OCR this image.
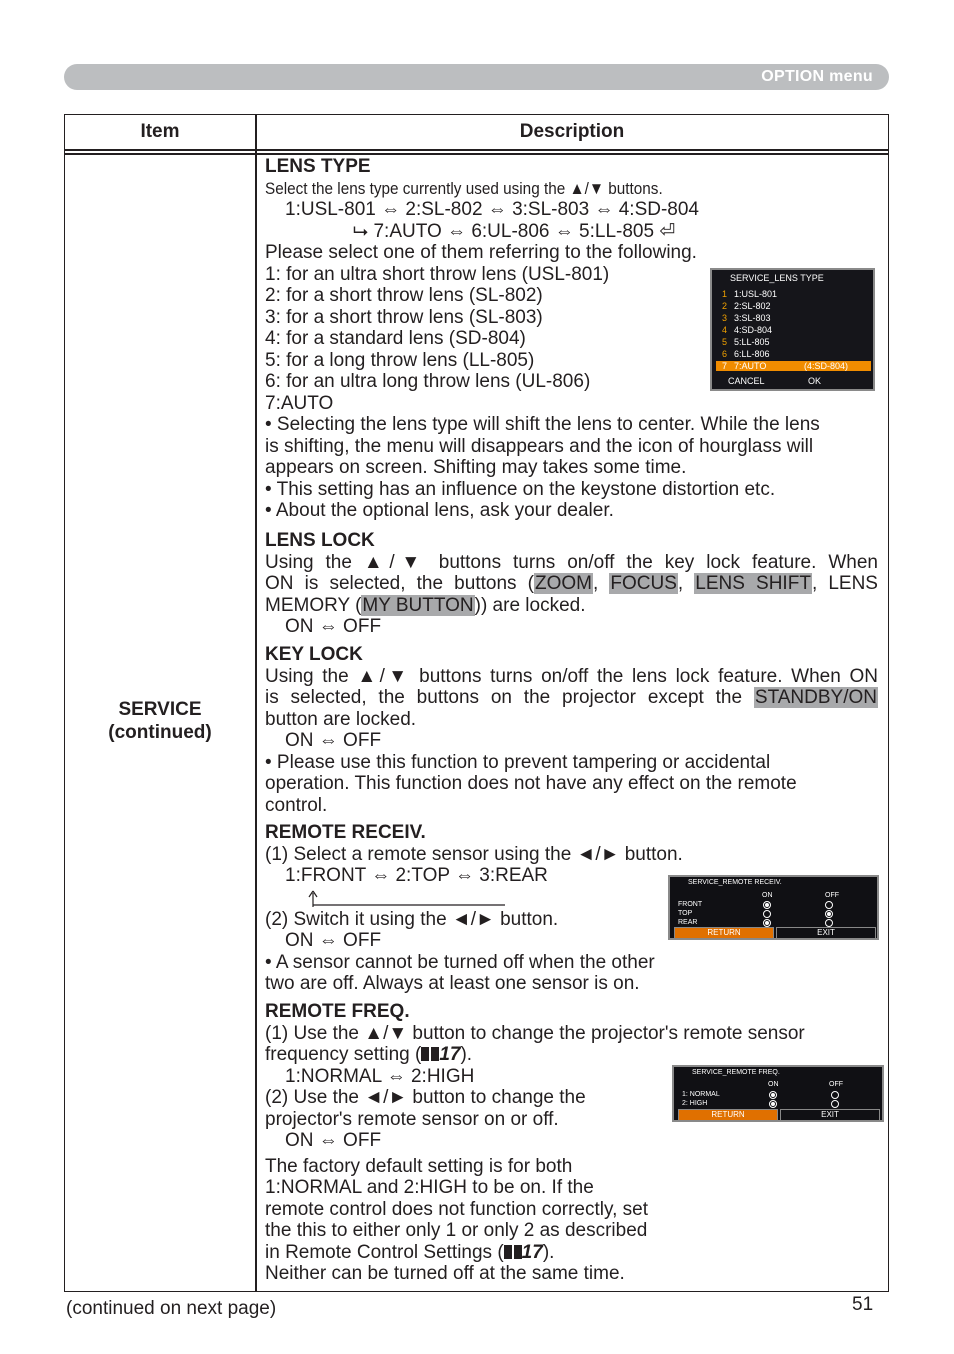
OPTION menu
Item	Description
SERVICE
(continued)

LENS TYPE

Select the lens type currently used using the ▲/▼ buttons.

1:USL-801 ⇔ 2:SL-802 ⇔ 3:SL-803 ⇔ 4:SD-804

⮡ 7:AUTO ⇔ 6:UL-806 ⇔ 5:LL-805 ⏎

Please select one of them referring to the following.

1: for an ultra short throw lens (USL-801)

2: for a short throw lens (SL-802)

3: for a short throw lens (SL-803)

4: for a standard lens (SD-804)

5: for a long throw lens (LL-805)

6: for an ultra long throw lens (UL-806)

7:AUTO

• Selecting the lens type will shift the lens to center. While the lens

is shifting, the menu will disappears and the icon of hourglass will

appears on screen. Shifting may takes some time.

• This setting has an influence on the keystone distortion etc.

• About the optional lens, ask your dealer.

SERVICE_LENS TYPE
1 1:USL-801
2 2:SL-802
3 3:SL-803
4 4:SD-804
5 5:LL-805
6 6:LL-806
7 7:AUTO	(4:SD-804)
CANCEL	OK

LENS LOCK

Using the ▲/▼ buttons turns on/off the key lock feature. When

ON is selected, the buttons (ZOOM, FOCUS, LENS SHIFT, LENS

MEMORY (MY BUTTON)) are locked.

ON ⇔ OFF

KEY LOCK

Using the ▲/▼ buttons turns on/off the lens lock feature. When ON

is selected, the buttons on the projector except the STANDBY/ON

button are locked.

ON ⇔ OFF

• Please use this function to prevent tampering or accidental

operation. This function does not have any effect on the remote

control.

REMOTE RECEIV.

(1) Select a remote sensor using the ◄/► button.

1:FRONT ⇔ 2:TOP ⇔ 3:REAR

(2) Switch it using the ◄/► button.

ON ⇔ OFF

• A sensor cannot be turned off when the other

two are off. Always at least one sensor is on.

SERVICE_REMOTE RECEIV.
ON	OFF
FRONT
TOP
REAR
RETURN	EXIT

REMOTE FREQ.

(1) Use the ▲/▼ button to change the projector's remote sensor

frequency setting ( 17).

1:NORMAL ⇔ 2:HIGH

(2) Use the ◄/► button to change the

projector's remote sensor on or off.

ON ⇔ OFF

The factory default setting is for both

1:NORMAL and 2:HIGH to be on. If the

remote control does not function correctly, set

the this to either only 1 or only 2 as described

in Remote Control Settings ( 17).

Neither can be turned off at the same time.

SERVICE_REMOTE FREQ.
ON	OFF
1: NORMAL
2: HIGH
RETURN	EXIT
(continued on next page)	51
